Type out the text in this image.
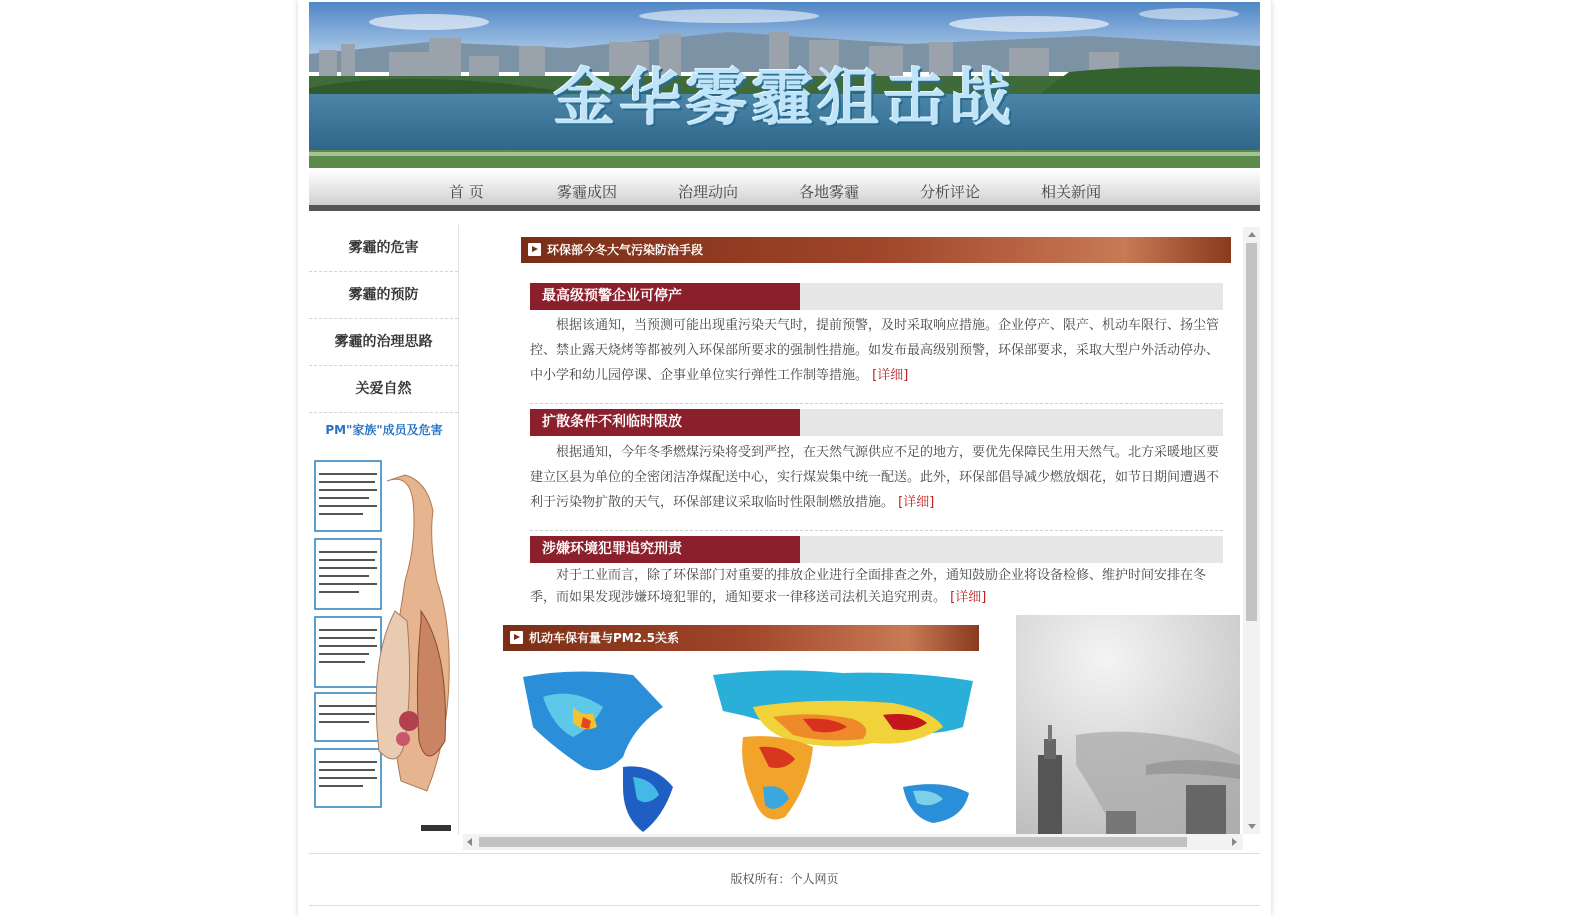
金华雾霾狙击战
首 页	雾霾成因	治理动向	各地雾霾	分析评论	相关新闻
雾霾的危害
雾霾的预防
雾霾的治理思路
关爱自然
PM"家族"成员及危害
环保部今冬大气污染防治手段
最高级预警企业可停产
根据该通知，当预测可能出现重污染天气时，提前预警，及时采取响应措施。企业停产、限产、机动车限行、扬尘管控、禁止露天烧烤等都被列入环保部所要求的强制性措施。如发布最高级别预警，环保部要求，采取大型户外活动停办、中小学和幼儿园停课、企事业单位实行弹性工作制等措施。 [详细]
扩散条件不利临时限放
根据通知，今年冬季燃煤污染将受到严控，在天然气源供应不足的地方，要优先保障民生用天然气。北方采暖地区要建立区县为单位的全密闭洁净煤配送中心，实行煤炭集中统一配送。此外，环保部倡导减少燃放烟花，如节日期间遭遇不利于污染物扩散的天气，环保部建议采取临时性限制燃放措施。 [详细]
涉嫌环境犯罪追究刑责
对于工业而言，除了环保部门对重要的排放企业进行全面排查之外，通知鼓励企业将设备检修、维护时间安排在冬季，而如果发现涉嫌环境犯罪的，通知要求一律移送司法机关追究刑责。 [详细]
机动车保有量与PM2.5关系
版权所有：个人网页
